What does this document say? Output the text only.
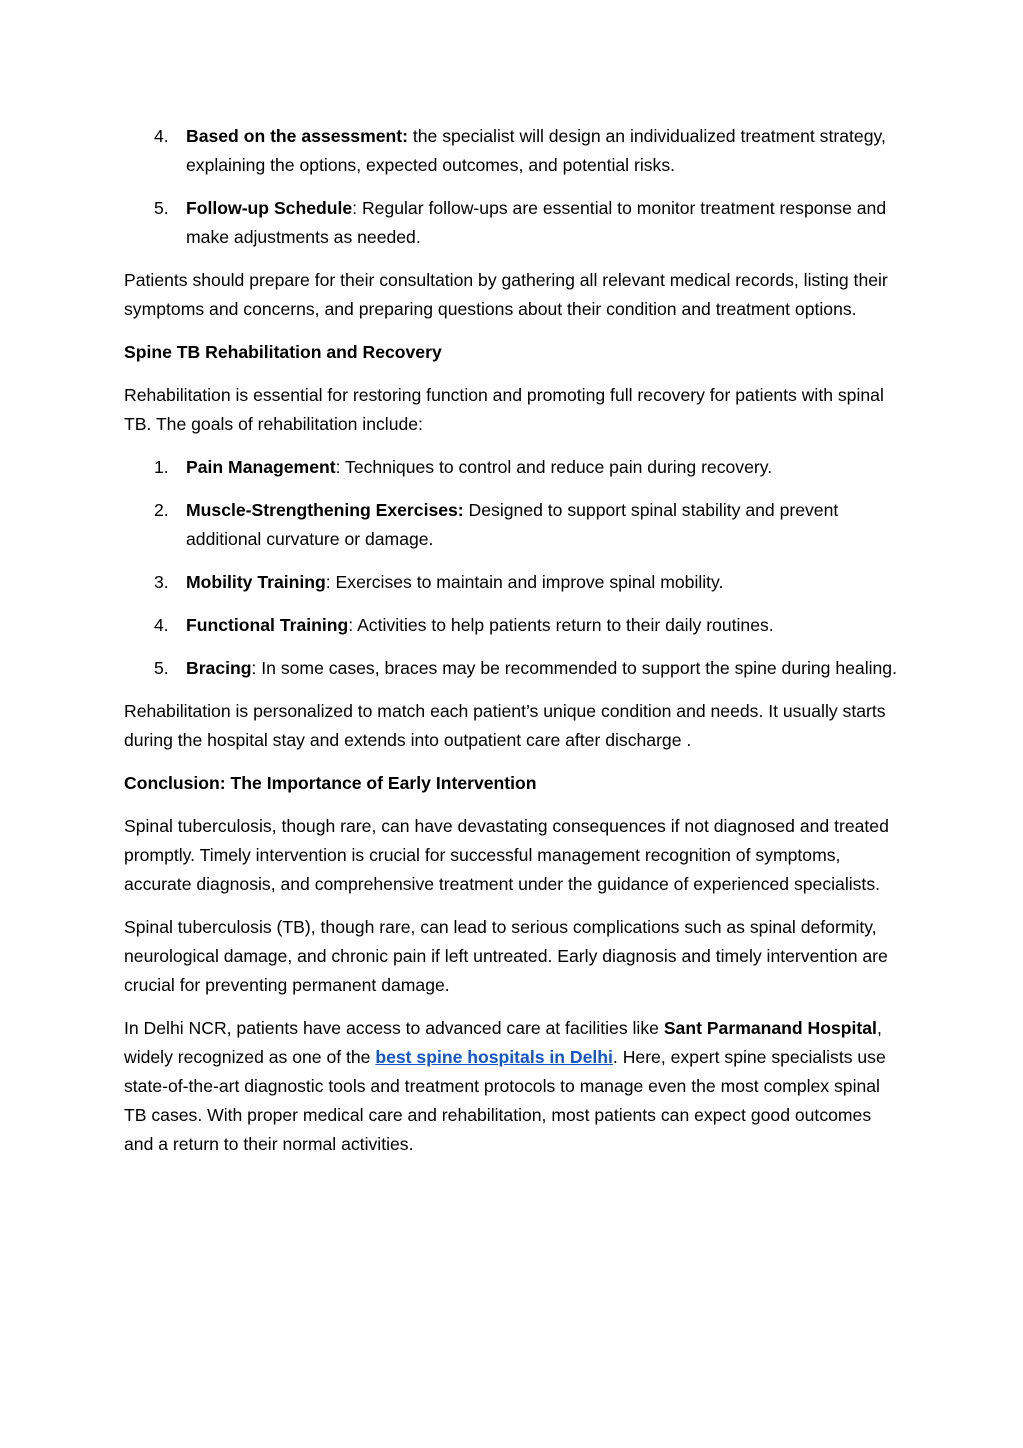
4. Based on the assessment: the specialist will design an individualized treatment strategy, explaining the options, expected outcomes, and potential risks.
5. Follow-up Schedule: Regular follow-ups are essential to monitor treatment response and make adjustments as needed.

Patients should prepare for their consultation by gathering all relevant medical records, listing their symptoms and concerns, and preparing questions about their condition and treatment options.

Spine TB Rehabilitation and Recovery

Rehabilitation is essential for restoring function and promoting full recovery for patients with spinal TB. The goals of rehabilitation include:

1. Pain Management: Techniques to control and reduce pain during recovery.
2. Muscle-Strengthening Exercises: Designed to support spinal stability and prevent additional curvature or damage.
3. Mobility Training: Exercises to maintain and improve spinal mobility.
4. Functional Training: Activities to help patients return to their daily routines.
5. Bracing: In some cases, braces may be recommended to support the spine during healing.

Rehabilitation is personalized to match each patient’s unique condition and needs. It usually starts during the hospital stay and extends into outpatient care after discharge .

Conclusion: The Importance of Early Intervention

Spinal tuberculosis, though rare, can have devastating consequences if not diagnosed and treated promptly. Timely intervention is crucial for successful management recognition of symptoms, accurate diagnosis, and comprehensive treatment under the guidance of experienced specialists.

Spinal tuberculosis (TB), though rare, can lead to serious complications such as spinal deformity, neurological damage, and chronic pain if left untreated. Early diagnosis and timely intervention are crucial for preventing permanent damage.

In Delhi NCR, patients have access to advanced care at facilities like Sant Parmanand Hospital, widely recognized as one of the best spine hospitals in Delhi. Here, expert spine specialists use state-of-the-art diagnostic tools and treatment protocols to manage even the most complex spinal TB cases. With proper medical care and rehabilitation, most patients can expect good outcomes and a return to their normal activities.
